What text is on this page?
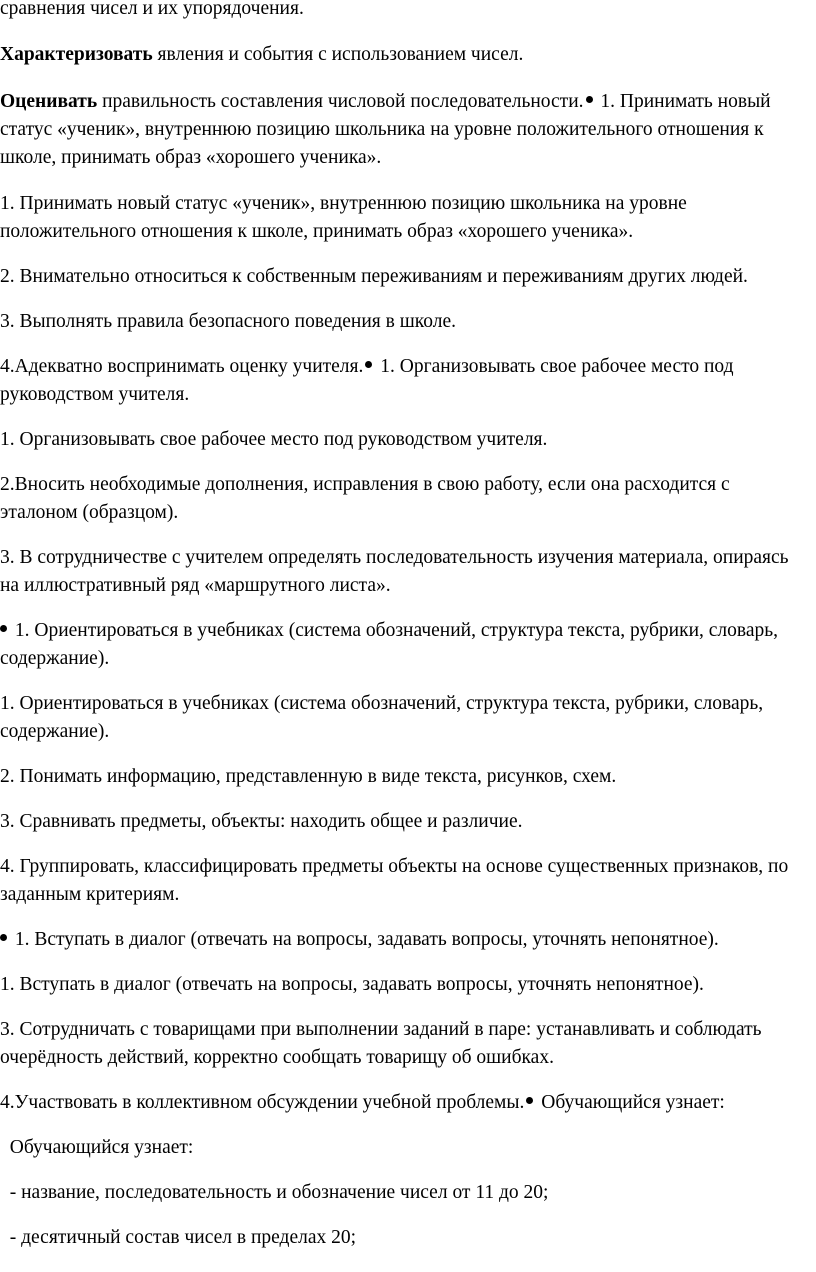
сравнения чисел и их упорядочения.

Характеризовать явления и события с использованием чисел.

Оценивать правильность составления числовой последовательности. 1. Принимать новый статус «ученик», внутреннюю позицию школьника на уровне положительного отношения к школе, принимать образ «хорошего ученика».

1. Принимать новый статус «ученик», внутреннюю позицию школьника на уровне положительного отношения к школе, принимать образ «хорошего ученика».

2. Внимательно относиться к собственным переживаниям и переживаниям других людей.

3. Выполнять правила безопасного поведения в школе.

4.Адекватно воспринимать оценку учителя. 1. Организовывать свое рабочее место под руководством учителя.

1. Организовывать свое рабочее место под руководством учителя.

2.Вносить необходимые дополнения, исправления в свою работу, если она расходится с эталоном (образцом).

3. В сотрудничестве с учителем определять последовательность изучения материала, опираясь на иллюстративный ряд «маршрутного листа».

1. Ориентироваться в учебниках (система обозначений, структура текста, рубрики, словарь, содержание).

1. Ориентироваться в учебниках (система обозначений, структура текста, рубрики, словарь, содержание).

2. Понимать информацию, представленную в виде текста, рисунков, схем.

3. Сравнивать предметы, объекты: находить общее и различие.

4. Группировать, классифицировать предметы объекты на основе существенных признаков, по заданным критериям.

1. Вступать в диалог (отвечать на вопросы, задавать вопросы, уточнять непонятное).

1. Вступать в диалог (отвечать на вопросы, задавать вопросы, уточнять непонятное).

3. Сотрудничать с товарищами при выполнении заданий в паре: устанавливать и соблюдать очерёдность действий, корректно сообщать товарищу об ошибках.

4.Участвовать в коллективном обсуждении учебной проблемы. Обучающийся узнает:

Обучающийся узнает:

- название, последовательность и обозначение чисел от 11 до 20;

- десятичный состав чисел в пределах 20;
